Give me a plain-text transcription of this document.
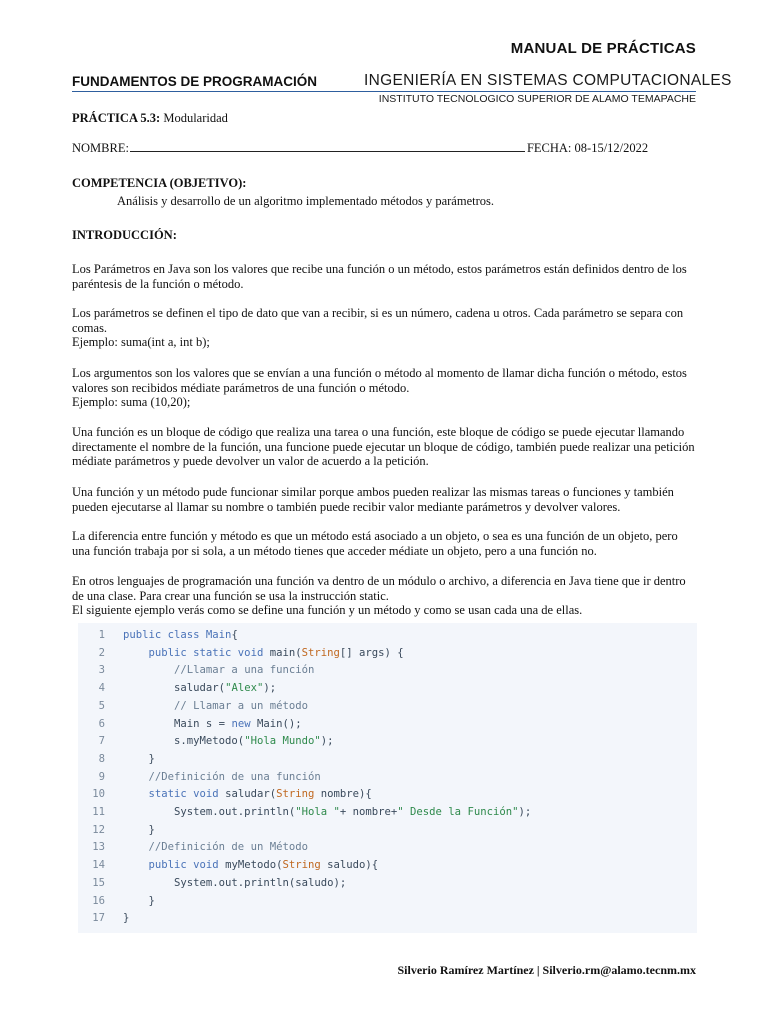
MANUAL DE PRÁCTICAS
FUNDAMENTOS DE PROGRAMACIÓN	INGENIERÍA EN SISTEMAS COMPUTACIONALES
INSTITUTO TECNOLOGICO SUPERIOR DE ALAMO TEMAPACHE
PRÁCTICA 5.3: Modularidad
NOMBRE:	FECHA: 08-15/12/2022
COMPETENCIA (OBJETIVO):
Análisis y desarrollo de un algoritmo implementado métodos y parámetros.
INTRODUCCIÓN:
Los Parámetros en Java son los valores que recibe una función o un método, estos parámetros están definidos dentro de los paréntesis de la función o método.
Los parámetros se definen el tipo de dato que van a recibir, si es un número, cadena u otros. Cada parámetro se separa con comas.
Ejemplo: suma(int a, int b);
Los argumentos son los valores que se envían a una función o método al momento de llamar dicha función o método, estos valores son recibidos médiate parámetros de una función o método.
Ejemplo: suma (10,20);
Una función es un bloque de código que realiza una tarea o una función, este bloque de código se puede ejecutar llamando directamente el nombre de la función, una funcione puede ejecutar un bloque de código, también puede realizar una petición médiate parámetros y puede devolver un valor de acuerdo a la petición.
Una función y un método pude funcionar similar porque ambos pueden realizar las mismas tareas o funciones y también pueden ejecutarse al llamar su nombre o también puede recibir valor mediante parámetros y devolver valores.
La diferencia entre función y método es que un método está asociado a un objeto, o sea es una función de un objeto, pero una función trabaja por si sola, a un método tienes que acceder médiate un objeto, pero a una función no.
En otros lenguajes de programación una función va dentro de un módulo o archivo, a diferencia en Java tiene que ir dentro de una clase. Para crear una función se usa la instrucción static.
El siguiente ejemplo verás como se define una función y un método y como se usan cada una de ellas.
1 public class Main{
2	public static void main(String[] args) {
3	//Llamar a una función
4 saludar("Alex");
5	// Llamar a un método
6 Main s = new Main();
7 s.myMetodo("Hola Mundo");
8 }
9	//Definición de una función
10	static void saludar(String nombre){
11 System.out.println("Hola "+ nombre+" Desde la Función");
12 }
13	//Definición de un Método
14	public void myMetodo(String saludo){
15 System.out.println(saludo);
16 }
17 }
Silverio Ramírez Martínez | Silverio.rm@alamo.tecnm.mx
